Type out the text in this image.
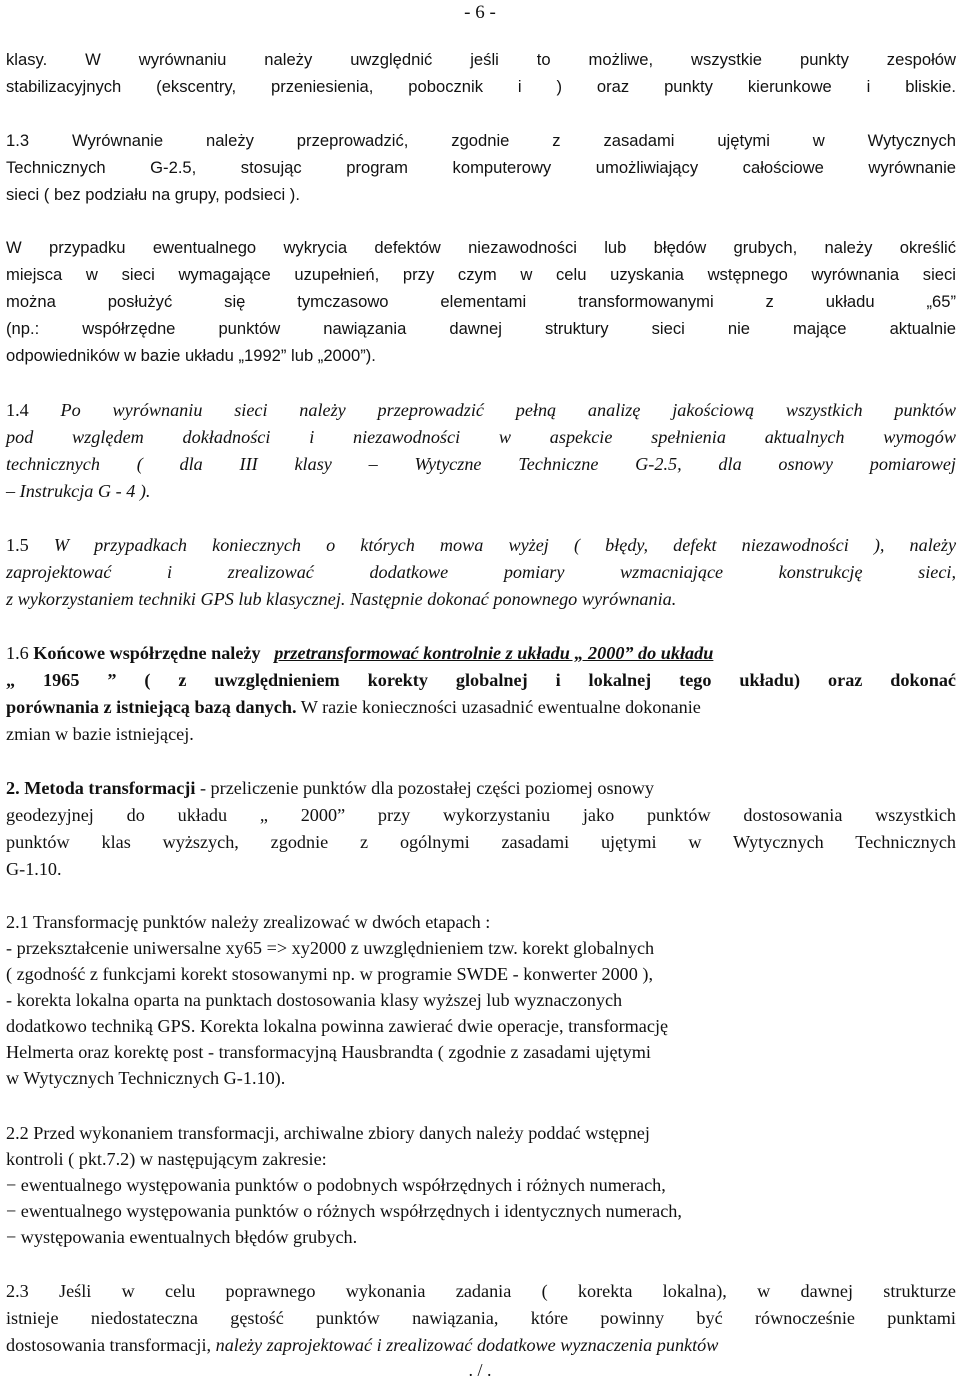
- 6 -
klasy. W wyrównaniu należy uwzględnić jeśli to możliwe, wszystkie punkty zespołów
stabilizacyjnych (ekscentry, przeniesienia, pobocznik i ) oraz punkty kierunkowe i bliskie.
1.3 Wyrównanie należy przeprowadzić, zgodnie z zasadami ujętymi w Wytycznych
Technicznych G-2.5, stosując program komputerowy umożliwiający całościowe wyrównanie
sieci ( bez podziału na grupy, podsieci ).
W przypadku ewentualnego wykrycia defektów niezawodności lub błędów grubych, należy określić
miejsca w sieci wymagające uzupełnień, przy czym w celu uzyskania wstępnego wyrównania sieci
można posłużyć się tymczasowo elementami transformowanymi z układu „65”
(np.: współrzędne punktów nawiązania dawnej struktury sieci nie mające aktualnie
odpowiedników w bazie układu „1992” lub „2000”).
1.4 Po wyrównaniu sieci należy przeprowadzić pełną analizę jakościową wszystkich punktów
pod względem dokładności i niezawodności w aspekcie spełnienia aktualnych wymogów
technicznych ( dla III klasy – Wytyczne Techniczne G-2.5, dla osnowy pomiarowej
– Instrukcja G - 4 ).
1.5 W przypadkach koniecznych o których mowa wyżej ( błędy, defekt niezawodności ), należy
zaprojektować i zrealizować dodatkowe pomiary wzmacniające konstrukcję sieci,
z wykorzystaniem techniki GPS lub klasycznej. Następnie dokonać ponownego wyrównania.
1.6 Końcowe współrzędne należy przetransformować kontrolnie z układu „ 2000” do układu
„ 1965 ” ( z uwzględnieniem korekty globalnej i lokalnej tego układu) oraz dokonać
porównania z istniejącą bazą danych. W razie konieczności uzasadnić ewentualne dokonanie
zmian w bazie istniejącej.
2. Metoda transformacji - przeliczenie punktów dla pozostałej części poziomej osnowy
geodezyjnej do układu „ 2000” przy wykorzystaniu jako punktów dostosowania wszystkich
punktów klas wyższych, zgodnie z ogólnymi zasadami ujętymi w Wytycznych Technicznych
G-1.10.
2.1 Transformację punktów należy zrealizować w dwóch etapach :
- przekształcenie uniwersalne xy65 => xy2000 z uwzględnieniem tzw. korekt globalnych
( zgodność z funkcjami korekt stosowanymi np. w programie SWDE - konwerter 2000 ),
- korekta lokalna oparta na punktach dostosowania klasy wyższej lub wyznaczonych
dodatkowo techniką GPS. Korekta lokalna powinna zawierać dwie operacje, transformację
Helmerta oraz korektę post - transformacyjną Hausbrandta ( zgodnie z zasadami ujętymi
w Wytycznych Technicznych G-1.10).
2.2 Przed wykonaniem transformacji, archiwalne zbiory danych należy poddać wstępnej
kontroli ( pkt.7.2) w następującym zakresie:
− ewentualnego występowania punktów o podobnych współrzędnych i różnych numerach,
− ewentualnego występowania punktów o różnych współrzędnych i identycznych numerach,
− występowania ewentualnych błędów grubych.
2.3 Jeśli w celu poprawnego wykonania zadania ( korekta lokalna), w dawnej strukturze
istnieje niedostateczna gęstość punktów nawiązania, które powinny być równocześnie punktami
dostosowania transformacji, należy zaprojektować i zrealizować dodatkowe wyznaczenia punktów
. / .
